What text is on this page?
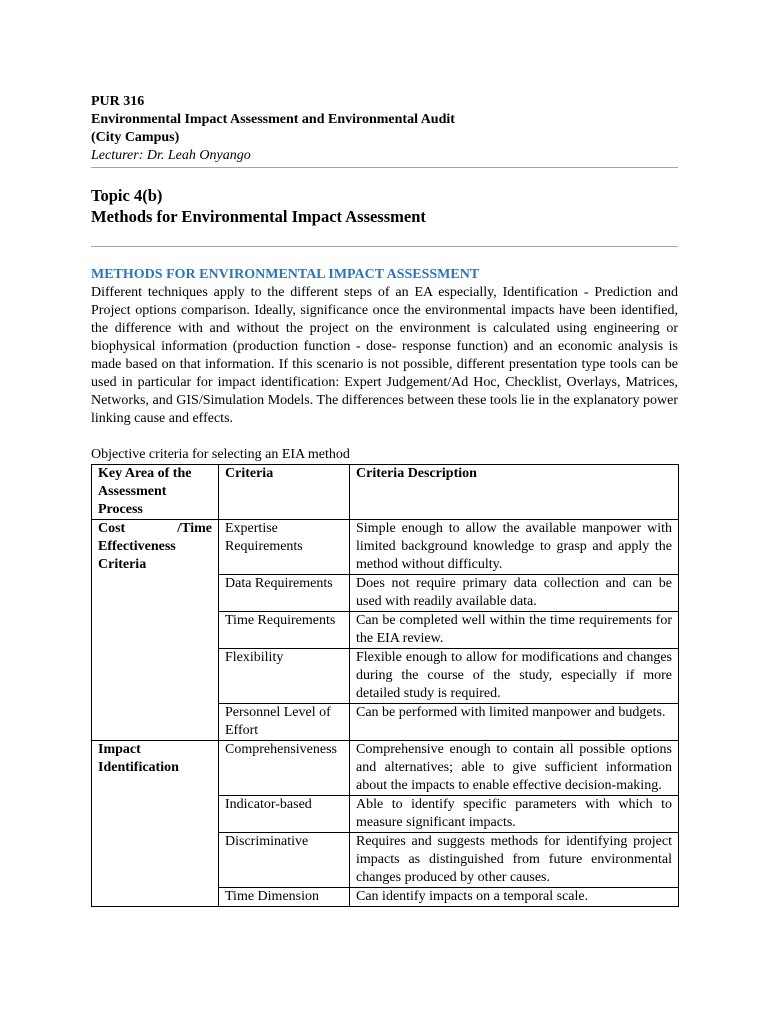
PUR 316
Environmental Impact Assessment and Environmental Audit
(City Campus)
Lecturer: Dr. Leah Onyango
Topic 4(b)
Methods for Environmental Impact Assessment
METHODS FOR ENVIRONMENTAL IMPACT ASSESSMENT

Different techniques apply to the different steps of an EA especially, Identification - Prediction and Project options comparison. Ideally, significance once the environmental impacts have been identified, the difference with and without the project on the environment is calculated using engineering or biophysical information (production function - dose- response function) and an economic analysis is made based on that information. If this scenario is not possible, different presentation type tools can be used in particular for impact identification: Expert Judgement/Ad Hoc, Checklist, Overlays, Matrices, Networks, and GIS/Simulation Models. The differences between these tools lie in the explanatory power linking cause and effects.

Objective criteria for selecting an EIA method
Key Area of the Assessment Process	Criteria	Criteria Description
Cost /Time Effectiveness Criteria	Expertise Requirements	Simple enough to allow the available manpower with limited background knowledge to grasp and apply the method without difficulty.
	Data Requirements	Does not require primary data collection and can be used with readily available data.
	Time Requirements	Can be completed well within the time requirements for the EIA review.
	Flexibility	Flexible enough to allow for modifications and changes during the course of the study, especially if more detailed study is required.
	Personnel Level of Effort	Can be performed with limited manpower and budgets.
Impact Identification	Comprehensiveness	Comprehensive enough to contain all possible options and alternatives; able to give sufficient information about the impacts to enable effective decision-making.
	Indicator-based	Able to identify specific parameters with which to measure significant impacts.
	Discriminative	Requires and suggests methods for identifying project impacts as distinguished from future environmental changes produced by other causes.
	Time Dimension	Can identify impacts on a temporal scale.
